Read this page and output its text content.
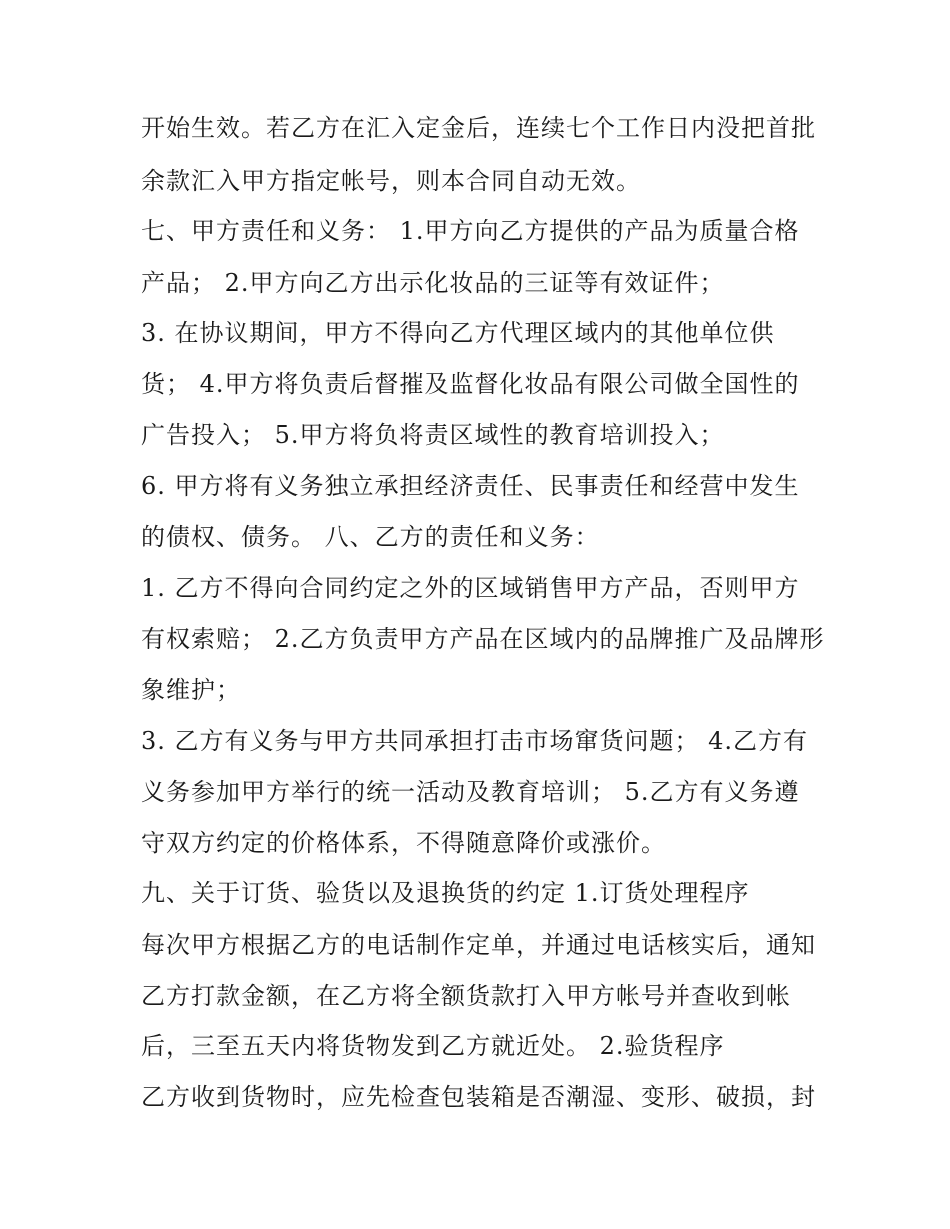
开始生效。若乙方在汇入定金后，连续七个工作日内没把首批
余款汇入甲方指定帐号，则本合同自动无效。
七、甲方责任和义务： 1.甲方向乙方提供的产品为质量合格
产品； 2.甲方向乙方出示化妆品的三证等有效证件；
3. 在协议期间，甲方不得向乙方代理区域内的其他单位供
货； 4.甲方将负责后督摧及监督化妆品有限公司做全国性的
广告投入； 5.甲方将负将责区域性的教育培训投入；
6. 甲方将有义务独立承担经济责任、民事责任和经营中发生
的债权、债务。 八、乙方的责任和义务：
1. 乙方不得向合同约定之外的区域销售甲方产品，否则甲方
有权索赔； 2.乙方负责甲方产品在区域内的品牌推广及品牌形
象维护；
3. 乙方有义务与甲方共同承担打击市场窜货问题； 4.乙方有
义务参加甲方举行的统一活动及教育培训； 5.乙方有义务遵
守双方约定的价格体系，不得随意降价或涨价。
九、关于订货、验货以及退换货的约定 1.订货处理程序
每次甲方根据乙方的电话制作定单，并通过电话核实后，通知
乙方打款金额，在乙方将全额货款打入甲方帐号并查收到帐
后，三至五天内将货物发到乙方就近处。 2.验货程序
乙方收到货物时，应先检查包装箱是否潮湿、变形、破损，封
